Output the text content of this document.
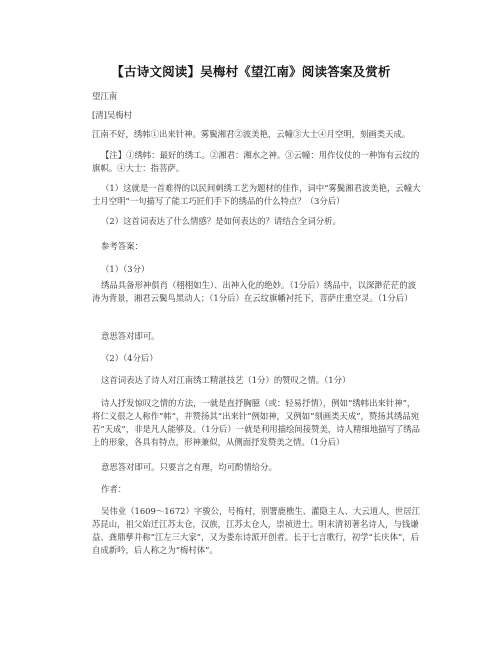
【古诗文阅读】吴梅村《望江南》阅读答案及赏析
望江南
[清]吴梅村
江南不好，绣帏①出来针神。雾鬓湘君②波美艳，云幢③大士④月空明，刻画类天成。
【注】①绣帏：最好的绣工。②湘君：湘水之神。③云幢：用作仪仗的一种饰有云纹的旗帜。④大士：指菩萨。
（1）这就是一首难得的以民间刺绣工艺为题材的佳作，词中“雾鬓湘君波美艳，云幢大士月空明”一句描写了能工巧匠们手下的绣品的什么特点？（3分后）
（2）这首词表达了什么情感？是如何表达的？请结合全词分析。
参考答案：
（1）（3分）
绣品具备形神俱肖（栩栩如生）、出神入化的绝妙。（1分后）绣品中，以深渺茫茫的波涛为背景，湘君云鬓鸟黑动人；（1分后）在云纹旗幡衬托下，菩萨庄重空灵。（1分后）
意思答对即可。
（2）（4分后）
这首词表达了诗人对江南绣工精湛技艺（1分）的赞叹之情。（1分）
诗人抒发惊叹之情的方法，一就是直抒胸臆（或：轻易抒情），例如“绣帏出来针神”，将仁义很之人称作“帏”，并赞扬其“出来针”例如神，又例如“刻画类天成”，赞扬其绣品宛若“天成”，非是凡人能够及。（1分后）一就是利用描绘间接赞美，诗人精细地描写了绣品上的形象，各具有特点，形神兼似，从侧面抒发赞美之情。（1分后）
意思答对即可。只要言之有理，均可酌情给分。
作者：
吴伟业（1609～1672）字骏公，号梅村，别署鹿樵生、灌隐主人、大云道人，世居江苏昆山，祖父始迁江苏太仓，汉族，江苏太仓人，崇祯进士。明末清初著名诗人，与钱谦益、龚鼎孳并称“江左三大家”，又为娄东诗派开创者。长于七言歌行，初学“长庆体”，后自成新吟，后人称之为“梅村体”。
